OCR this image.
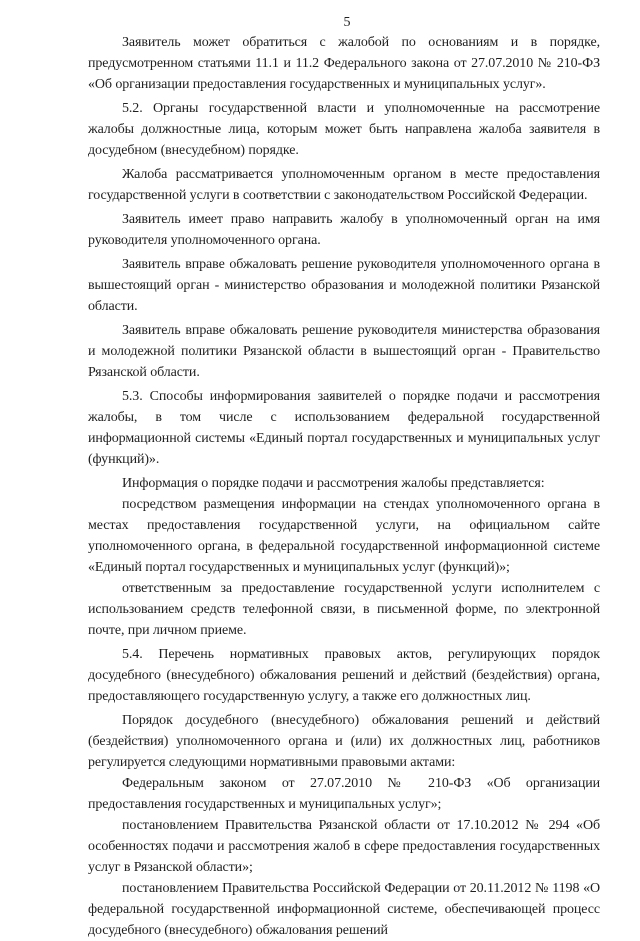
5

Заявитель может обратиться с жалобой по основаниям и в порядке, предусмотренном статьями 11.1 и 11.2 Федерального закона от 27.07.2010 № 210-ФЗ «Об организации предоставления государственных и муниципальных услуг».

5.2. Органы государственной власти и уполномоченные на рассмотрение жалобы должностные лица, которым может быть направлена жалоба заявителя в досудебном (внесудебном) порядке.

Жалоба рассматривается уполномоченным органом в месте предоставления государственной услуги в соответствии с законодательством Российской Федерации.

Заявитель имеет право направить жалобу в уполномоченный орган на имя руководителя уполномоченного органа.

Заявитель вправе обжаловать решение руководителя уполномоченного органа в вышестоящий орган - министерство образования и молодежной политики Рязанской области.

Заявитель вправе обжаловать решение руководителя министерства образования и молодежной политики Рязанской области в вышестоящий орган - Правительство Рязанской области.

5.3. Способы информирования заявителей о порядке подачи и рассмотрения жалобы, в том числе с использованием федеральной государственной информационной системы «Единый портал государственных и муниципальных услуг (функций)».

Информация о порядке подачи и рассмотрения жалобы представляется:

посредством размещения информации на стендах уполномоченного органа в местах предоставления государственной услуги, на официальном сайте уполномоченного органа, в федеральной государственной информационной системе «Единый портал государственных и муниципальных услуг (функций)»;

ответственным за предоставление государственной услуги исполнителем с использованием средств телефонной связи, в письменной форме, по электронной почте, при личном приеме.

5.4. Перечень нормативных правовых актов, регулирующих порядок досудебного (внесудебного) обжалования решений и действий (бездействия) органа, предоставляющего государственную услугу, а также его должностных лиц.

Порядок досудебного (внесудебного) обжалования решений и действий (бездействия) уполномоченного органа и (или) их должностных лиц, работников регулируется следующими нормативными правовыми актами:

Федеральным законом от 27.07.2010 № 210-ФЗ «Об организации предоставления государственных и муниципальных услуг»;

постановлением Правительства Рязанской области от 17.10.2012 № 294 «Об особенностях подачи и рассмотрения жалоб в сфере предоставления государственных услуг в Рязанской области»;

постановлением Правительства Российской Федерации от 20.11.2012 № 1198 «О федеральной государственной информационной системе, обеспечивающей процесс досудебного (внесудебного) обжалования решений
